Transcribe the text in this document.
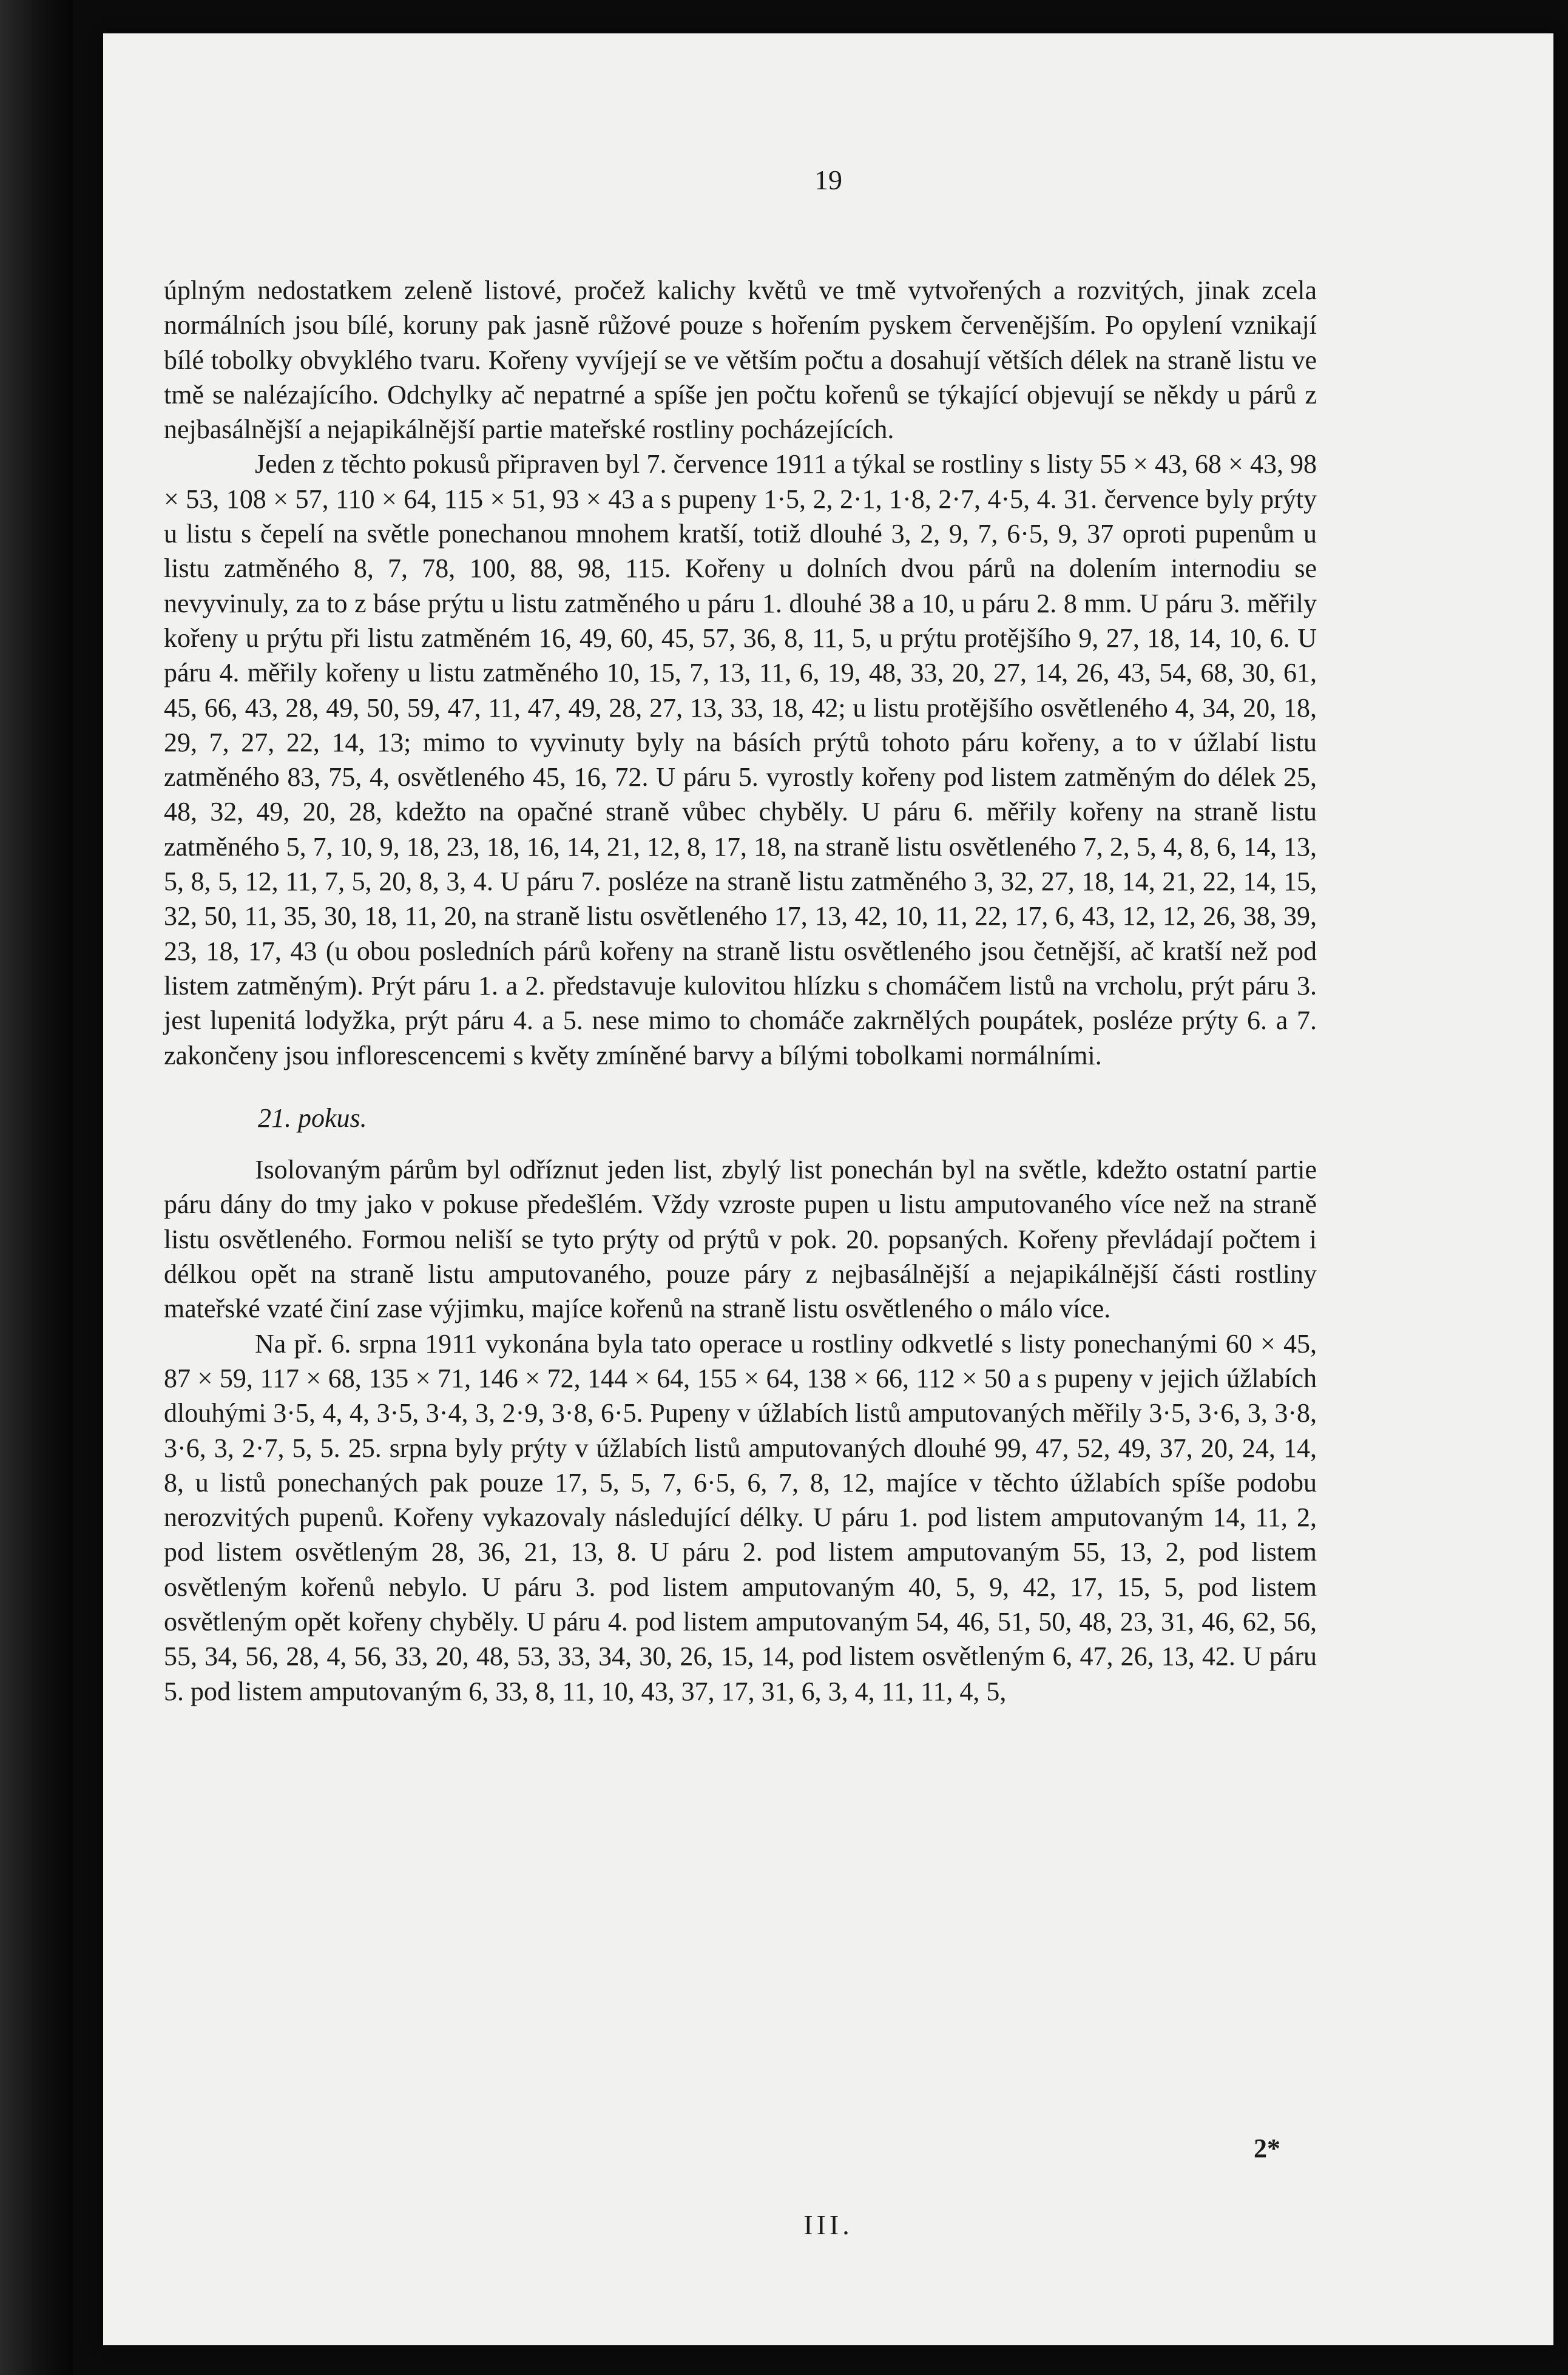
19

úplným nedostatkem zeleně listové, pročež kalichy květů ve tmě vytvořených a rozvitých, jinak zcela normálních jsou bílé, koruny pak jasně růžové pouze s hořením pyskem červenějším. Po opylení vznikají bílé tobolky obvyklého tvaru. Kořeny vyvíjejí se ve větším počtu a dosahují větších délek na straně listu ve tmě se nalézajícího. Odchylky ač nepatrné a spíše jen počtu kořenů se týkající objevují se někdy u párů z nejbasálnější a nejapikálnější partie mateřské rostliny pocházejících.

Jeden z těchto pokusů připraven byl 7. července 1911 a týkal se rostliny s listy 55 × 43, 68 × 43, 98 × 53, 108 × 57, 110 × 64, 115 × 51, 93 × 43 a s pupeny 1·5, 2, 2·1, 1·8, 2·7, 4·5, 4. 31. července byly prýty u listu s čepelí na světle ponechanou mnohem kratší, totiž dlouhé 3, 2, 9, 7, 6·5, 9, 37 oproti pupenům u listu zatměného 8, 7, 78, 100, 88, 98, 115. Kořeny u dolních dvou párů na dolením internodiu se nevyvinuly, za to z báse prýtu u listu zatměného u páru 1. dlouhé 38 a 10, u páru 2. 8 mm. U páru 3. měřily kořeny u prýtu při listu zatměném 16, 49, 60, 45, 57, 36, 8, 11, 5, u prýtu protějšího 9, 27, 18, 14, 10, 6. U páru 4. měřily kořeny u listu zatměného 10, 15, 7, 13, 11, 6, 19, 48, 33, 20, 27, 14, 26, 43, 54, 68, 30, 61, 45, 66, 43, 28, 49, 50, 59, 47, 11, 47, 49, 28, 27, 13, 33, 18, 42; u listu protějšího osvětleného 4, 34, 20, 18, 29, 7, 27, 22, 14, 13; mimo to vyvinuty byly na básích prýtů tohoto páru kořeny, a to v úžlabí listu zatměného 83, 75, 4, osvětleného 45, 16, 72. U páru 5. vyrostly kořeny pod listem zatměným do délek 25, 48, 32, 49, 20, 28, kdežto na opačné straně vůbec chyběly. U páru 6. měřily kořeny na straně listu zatměného 5, 7, 10, 9, 18, 23, 18, 16, 14, 21, 12, 8, 17, 18, na straně listu osvětleného 7, 2, 5, 4, 8, 6, 14, 13, 5, 8, 5, 12, 11, 7, 5, 20, 8, 3, 4. U páru 7. posléze na straně listu zatměného 3, 32, 27, 18, 14, 21, 22, 14, 15, 32, 50, 11, 35, 30, 18, 11, 20, na straně listu osvětleného 17, 13, 42, 10, 11, 22, 17, 6, 43, 12, 12, 26, 38, 39, 23, 18, 17, 43 (u obou posledních párů kořeny na straně listu osvětleného jsou četnější, ač kratší než pod listem zatměným). Prýt páru 1. a 2. představuje kulovitou hlízku s chomáčem listů na vrcholu, prýt páru 3. jest lupenitá lodyžka, prýt páru 4. a 5. nese mimo to chomáče zakrnělých poupátek, posléze prýty 6. a 7. zakončeny jsou inflorescencemi s květy zmíněné barvy a bílými tobolkami normálními.

21. pokus.

Isolovaným párům byl odříznut jeden list, zbylý list ponechán byl na světle, kdežto ostatní partie páru dány do tmy jako v pokuse předešlém. Vždy vzroste pupen u listu amputovaného více než na straně listu osvětleného. Formou neliší se tyto prýty od prýtů v pok. 20. popsaných. Kořeny převládají počtem i délkou opět na straně listu amputovaného, pouze páry z nejbasálnější a nejapikálnější části rostliny mateřské vzaté činí zase výjimku, majíce kořenů na straně listu osvětleného o málo více.

Na př. 6. srpna 1911 vykonána byla tato operace u rostliny odkvetlé s listy ponechanými 60 × 45, 87 × 59, 117 × 68, 135 × 71, 146 × 72, 144 × 64, 155 × 64, 138 × 66, 112 × 50 a s pupeny v jejich úžlabích dlouhými 3·5, 4, 4, 3·5, 3·4, 3, 2·9, 3·8, 6·5. Pupeny v úžlabích listů amputovaných měřily 3·5, 3·6, 3, 3·8, 3·6, 3, 2·7, 5, 5. 25. srpna byly prýty v úžlabích listů amputovaných dlouhé 99, 47, 52, 49, 37, 20, 24, 14, 8, u listů ponechaných pak pouze 17, 5, 5, 7, 6·5, 6, 7, 8, 12, majíce v těchto úžlabích spíše podobu nerozvitých pupenů. Kořeny vykazovaly následující délky. U páru 1. pod listem amputovaným 14, 11, 2, pod listem osvětleným 28, 36, 21, 13, 8. U páru 2. pod listem amputovaným 55, 13, 2, pod listem osvětleným kořenů nebylo. U páru 3. pod listem amputovaným 40, 5, 9, 42, 17, 15, 5, pod listem osvětleným opět kořeny chyběly. U páru 4. pod listem amputovaným 54, 46, 51, 50, 48, 23, 31, 46, 62, 56, 55, 34, 56, 28, 4, 56, 33, 20, 48, 53, 33, 34, 30, 26, 15, 14, pod listem osvětleným 6, 47, 26, 13, 42. U páru 5. pod listem amputovaným 6, 33, 8, 11, 10, 43, 37, 17, 31, 6, 3, 4, 11, 11, 4, 5,

2*
III.
